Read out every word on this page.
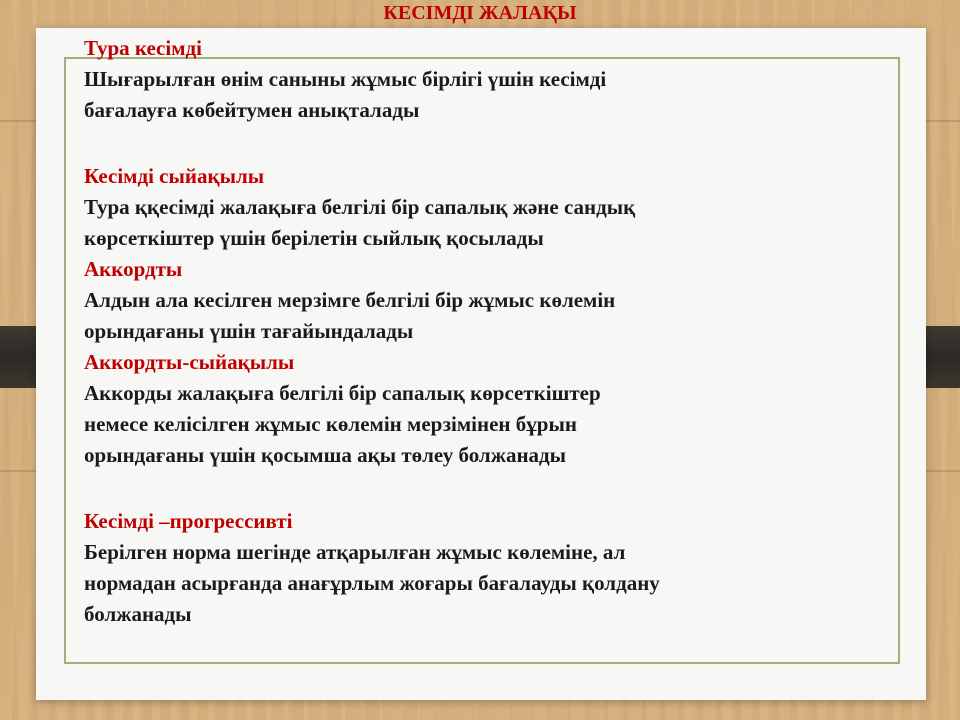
КЕСІМДІ ЖАЛАҚЫ
Тура кесімді
Шығарылған өнім саныны жұмыс бірлігі үшін кесімді
бағалауға көбейтумен анықталады
Кесімді сыйақылы
Тура ққесімді жалақыға белгілі бір сапалық және сандық
көрсеткіштер үшін берілетін сыйлық қосылады
Аккордты
Алдын ала кесілген мерзімге белгілі бір жұмыс көлемін
орындағаны үшін тағайындалады
Аккордты-сыйақылы
Аккорды жалақыға белгілі бір сапалық көрсеткіштер
немесе келісілген жұмыс көлемін мерзімінен бұрын
орындағаны үшін қосымша ақы төлеу болжанады
Кесімді –прогрессивті
Берілген норма шегінде атқарылған жұмыс көлеміне, ал
нормадан асырғанда анағұрлым жоғары бағалауды қолдану
болжанады
